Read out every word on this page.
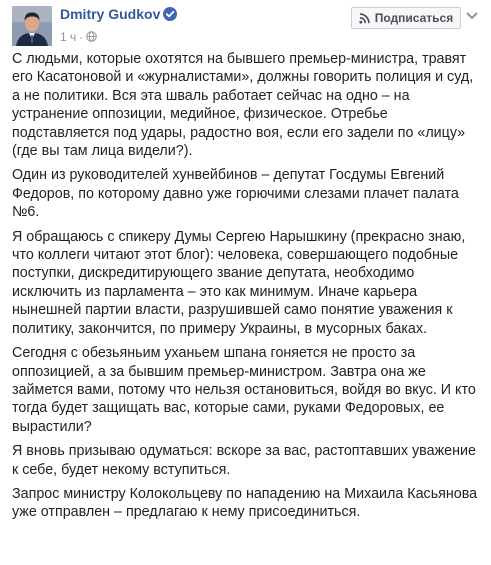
Dmitry Gudkov
1 ч ·
Подписаться

С людьми, которые охотятся на бывшего премьер-министра, травят его Касатоновой и «журналистами», должны говорить полиция и суд, а не политики. Вся эта шваль работает сейчас на одно – на устранение оппозиции, медийное, физическое. Отребье подставляется под удары, радостно воя, если его задели по «лицу» (где вы там лица видели?).

Один из руководителей хунвейбинов – депутат Госдумы Евгений Федоров, по которому давно уже горючими слезами плачет палата №6.

Я обращаюсь с спикеру Думы Сергею Нарышкину (прекрасно знаю, что коллеги читают этот блог): человека, совершающего подобные поступки, дискредитирующего звание депутата, необходимо исключить из парламента – это как минимум. Иначе карьера нынешней партии власти, разрушившей само понятие уважения к политику, закончится, по примеру Украины, в мусорных баках.

Сегодня с обезьяньим уханьем шпана гоняется не просто за оппозицией, а за бывшим премьер-министром. Завтра она же займется вами, потому что нельзя остановиться, войдя во вкус. И кто тогда будет защищать вас, которые сами, руками Федоровых, ее вырастили?

Я вновь призываю одуматься: вскоре за вас, растоптавших уважение к себе, будет некому вступиться.

Запрос министру Колокольцеву по нападению на Михаила Касьянова уже отправлен – предлагаю к нему присоединиться.
